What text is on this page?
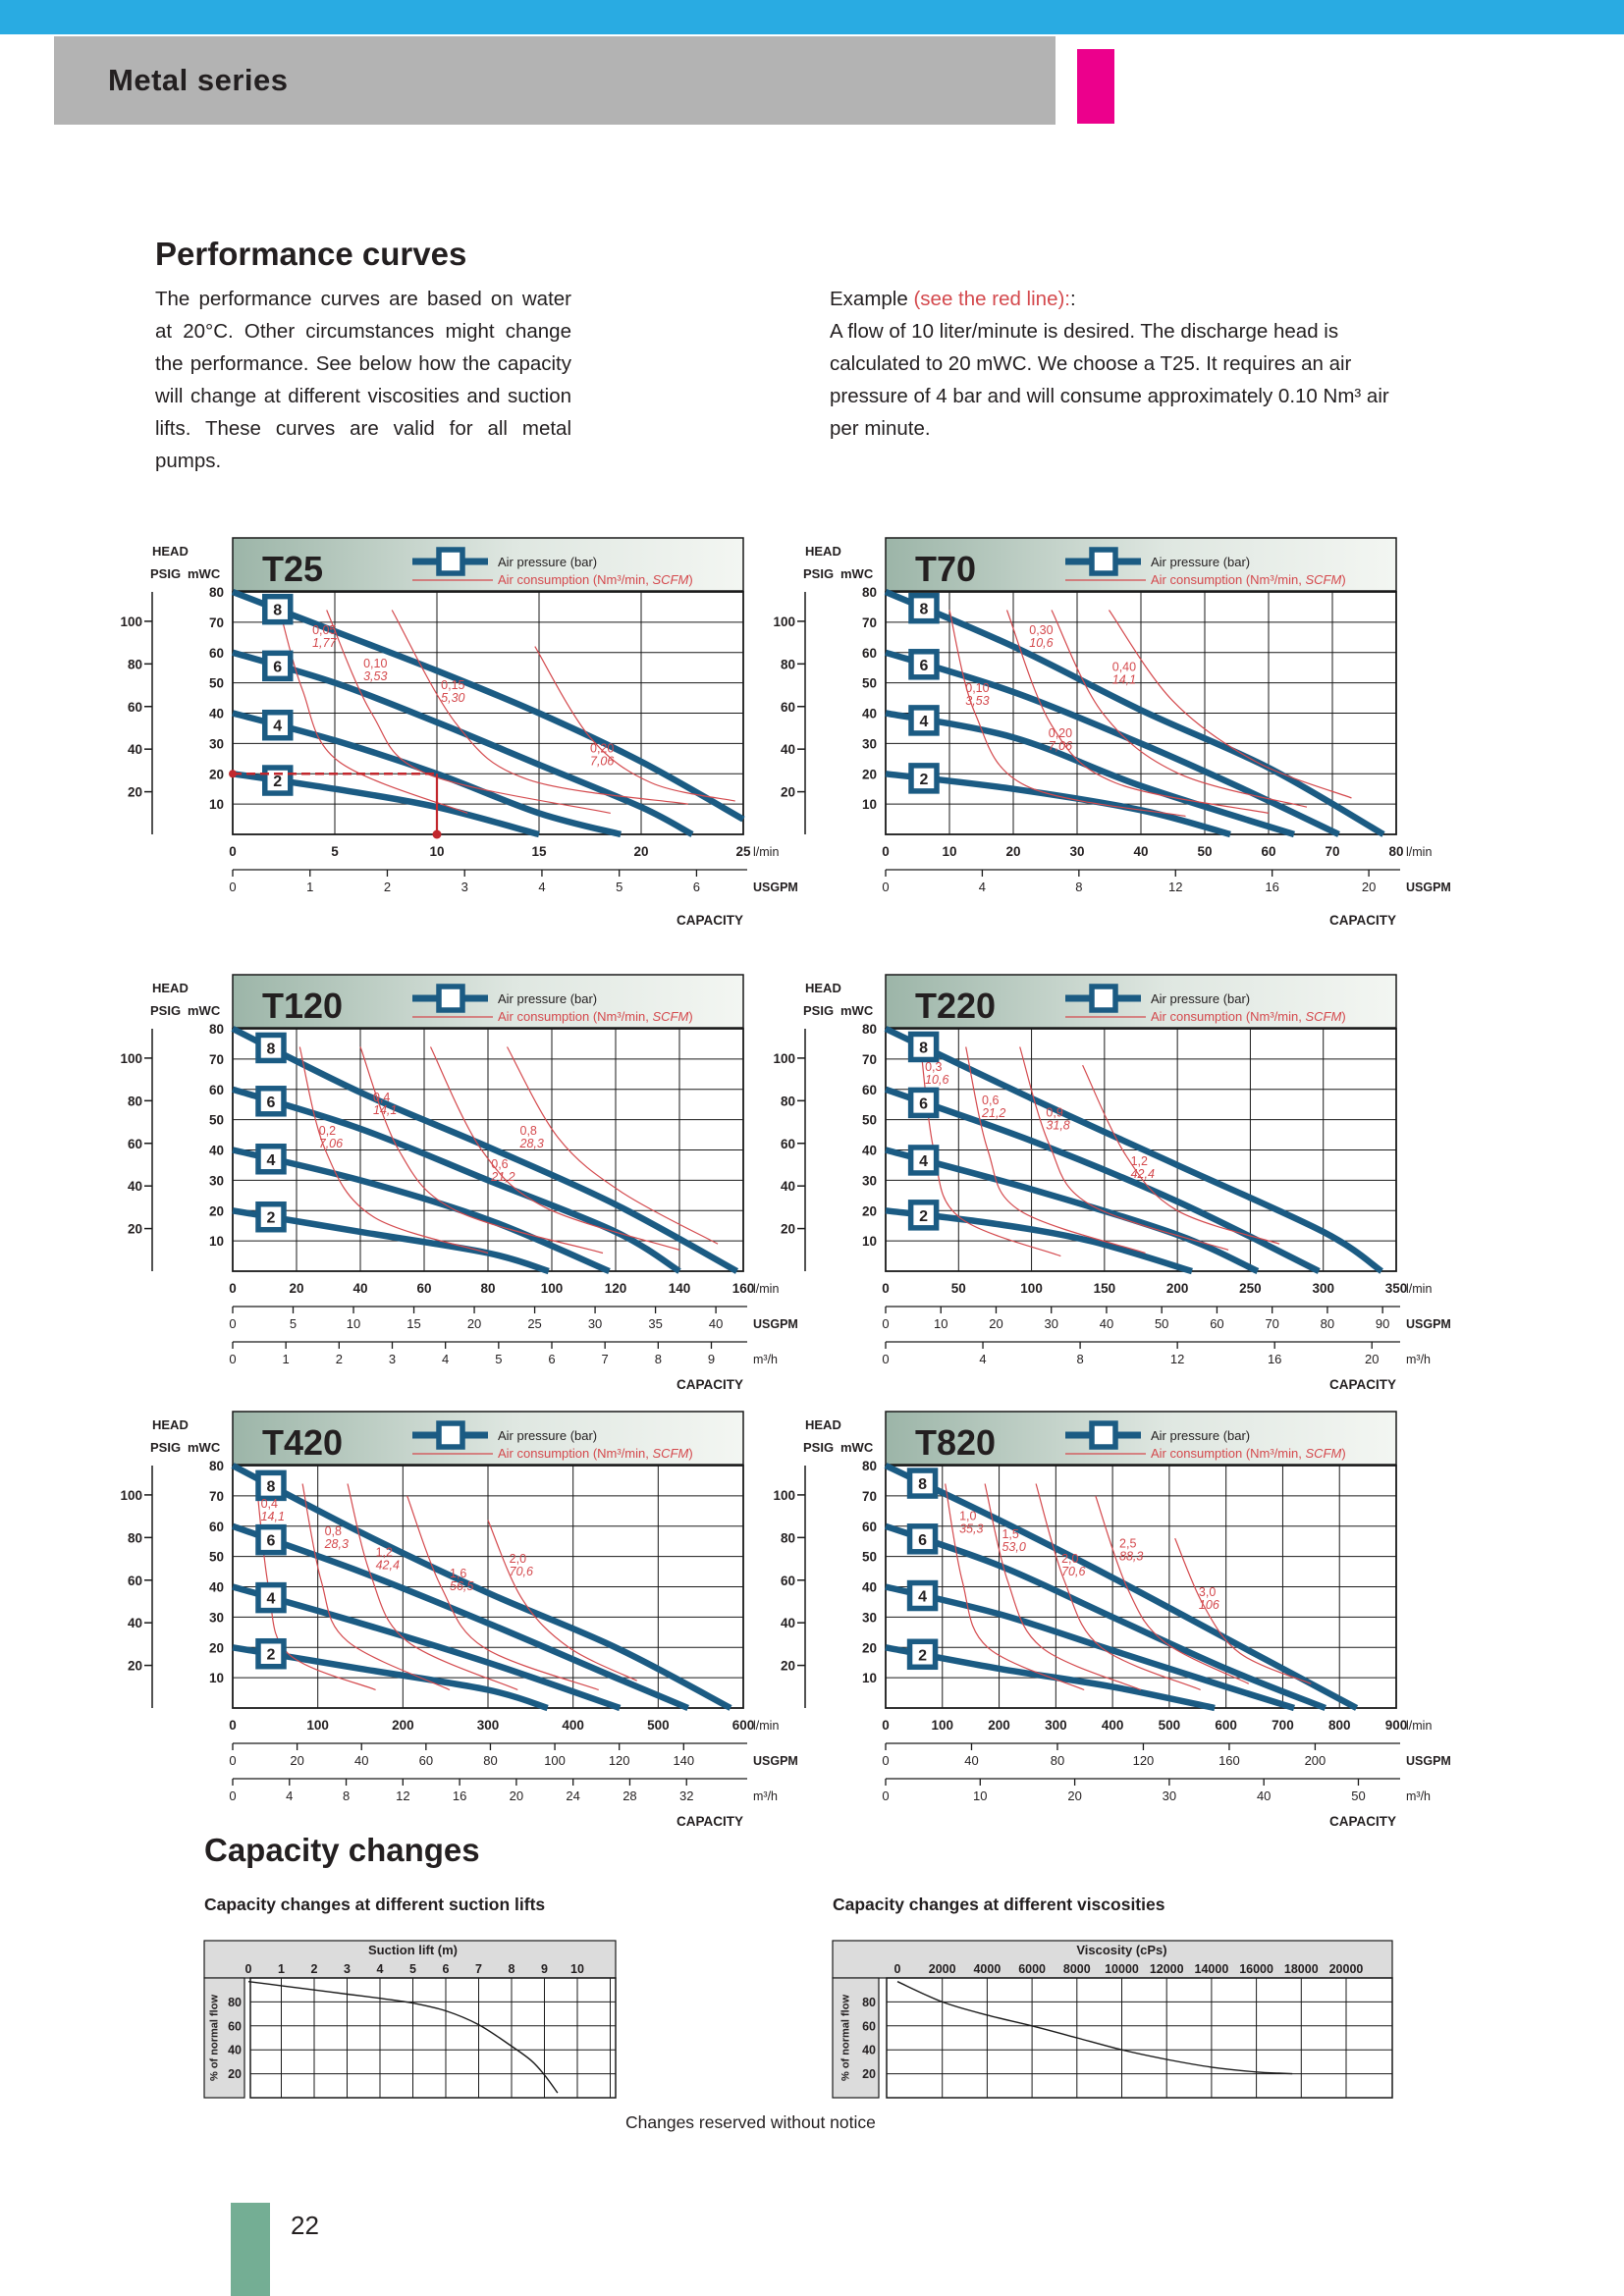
Metal series
Performance curves
The performance curves are based on water at 20°C. Other circumstances might change the performance. See below how the capacity will change at different viscosities and suction lifts. These curves are valid for all metal pumps.
Example (see the red line)::
A flow of 10 liter/minute is desired. The discharge head is calculated to 20 mWC. We choose a T25. It requires an air pressure of 4 bar and will consume approximately 0.10 Nm³ air per minute.
Capacity changes
Capacity changes at different suction lifts	Capacity changes at different viscosities
Changes reserved without notice
22
T25	Air pressure (bar)
Air consumption (Nm³/min, SCFM)
HEAD
PSIG mWC
20
40
60
80
100
10
20
30
40
50
60
70
80
8
6
4
2
0,05
1,77
0,10
3,53
0,15
5,30
0,20
7,06
0	5	10	15	20	25 l/min
0	1	2	3	4	5	6	USGPM
CAPACITY
T70	Air pressure (bar)
Air consumption (Nm³/min, SCFM)
HEAD
PSIG mWC
20
40
60
80
100
10
20
30
40
50
60
70
80
8
6
4
2
0,30
10,6
0,40
14,1
0,10
3,53
0,20
7,06
0	10	20	30	40	50	60	70	80 l/min
0	4	8	12	16	20 USGPM
CAPACITY
T120	Air pressure (bar)
Air consumption (Nm³/min, SCFM)
HEAD
PSIG mWC
20
40
60
80
100
10
20
30
40
50
60
70
80
8
6
4
2
0,4
14,1
0,2
7,06
0,8
28,3
0,6
21,2
0	20	40	60	80	100	120	140	160
l/min
0	5	10	15	20	25	30	35	40 USGPM
0	1	2	3	4	5	6	7	8	9	m³/h
CAPACITY
T220	Air pressure (bar)
Air consumption (Nm³/min, SCFM)
HEAD
PSIG mWC
20
40
60
80
100
10
20
30
40
50
60
70
80
8
6
4
2
0,3
10,6
0,6
21,2	0,9
31,8
1,2
42,4
0	50	100	150	200	250	300	350
l/min
0	10	20	30	40	50	60	70	80	90 USGPM
0	4	8	12	16	20 m³/h
CAPACITY
T420	Air pressure (bar)
Air consumption (Nm³/min, SCFM)
HEAD
PSIG mWC
20
40
60
80
100
10
20
30
40
50
60
70
80
8
6
4
2
0,4
14,1
0,8
28,3
1,2
42,4
1,6
56,5
2,0
70,6
0	100	200	300	400	500	600
l/min
0	20	40	60	80	100	120	140	USGPM
0	4	8	12	16	20	24	28	32	m³/h
CAPACITY
T820	Air pressure (bar)
Air consumption (Nm³/min, SCFM)
HEAD
PSIG mWC
20
40
60
80
100
10
20
30
40
50
60
70
80
8
6
4
2
1,0
35,3 1,5
53,0
2,0
70,6
2,5
88,3
3,0
106
0	100	200	300	400	500	600	700	800	900
l/min
0	40	80	120	160	200	USGPM
0	10	20	30	40	50	m³/h
CAPACITY
Suction lift (m)
0 1 2 3 4 5 6 7 8 9 10
% of normal flow 80
60
40
20
Viscosity (cPs)
0 2000 4000 6000 8000 10000 12000 14000 16000 18000 20000
% of normal flow 80
60
40
20
